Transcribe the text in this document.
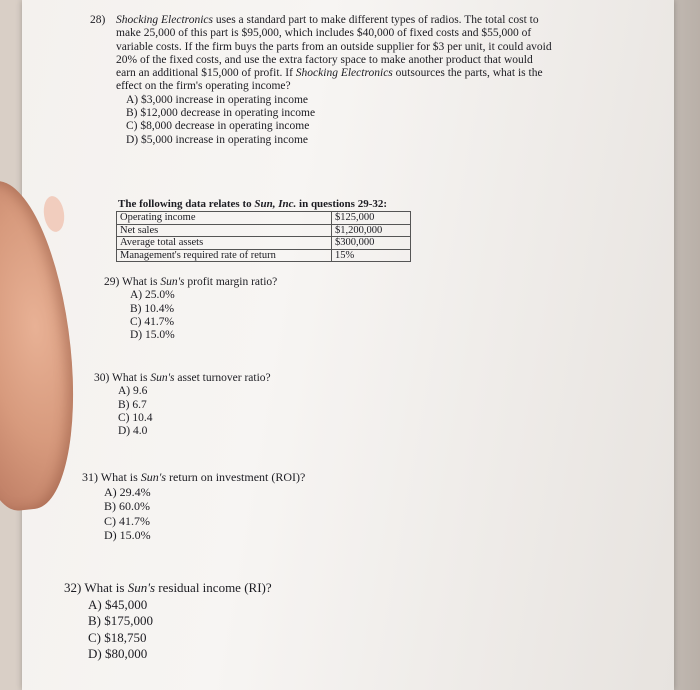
28) Shocking Electronics uses a standard part to make different types of radios. The total cost to
make 25,000 of this part is $95,000, which includes $40,000 of fixed costs and $55,000 of
variable costs. If the firm buys the parts from an outside supplier for $3 per unit, it could avoid
20% of the fixed costs, and use the extra factory space to make another product that would
earn an additional $15,000 of profit. If Shocking Electronics outsources the parts, what is the
effect on the firm's operating income?
A) $3,000 increase in operating income
B) $12,000 decrease in operating income
C) $8,000 decrease in operating income
D) $5,000 increase in operating income
The following data relates to Sun, Inc. in questions 29-32:
Operating income	$125,000
Net sales	$1,200,000
Average total assets	$300,000
Management's required rate of return	15%
29) What is Sun's profit margin ratio?
A) 25.0%
B) 10.4%
C) 41.7%
D) 15.0%
30) What is Sun's asset turnover ratio?
A) 9.6
B) 6.7
C) 10.4
D) 4.0
31) What is Sun's return on investment (ROI)?
A) 29.4%
B) 60.0%
C) 41.7%
D) 15.0%
32) What is Sun's residual income (RI)?
A) $45,000
B) $175,000
C) $18,750
D) $80,000
